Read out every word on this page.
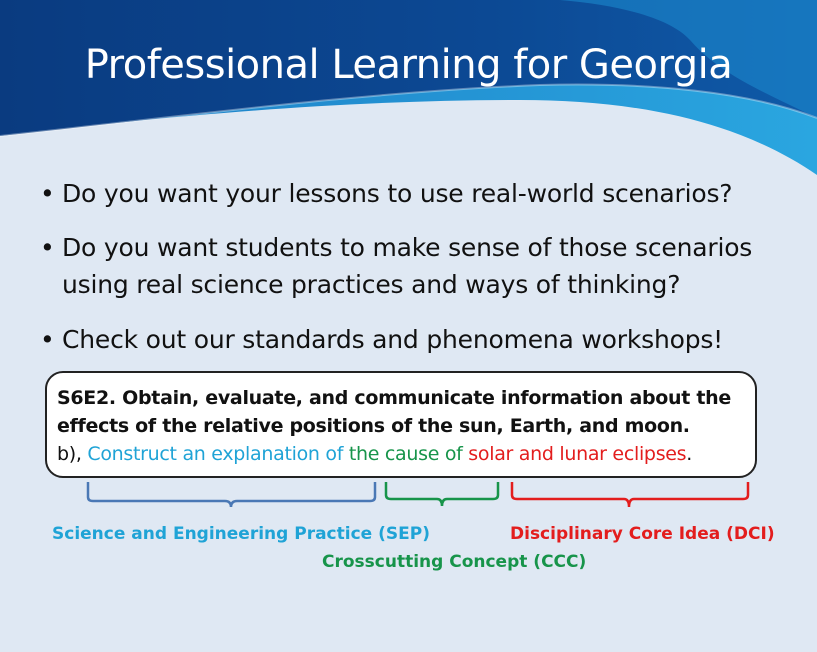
Professional Learning for Georgia
• Do you want your lessons to use real-world scenarios?
• Do you want students to make sense of those scenarios using real science practices and ways of thinking?
• Check out our standards and phenomena workshops!
S6E2. Obtain, evaluate, and communicate information about the effects of the relative positions of the sun, Earth, and moon.
b), Construct an explanation of the cause of solar and lunar eclipses.
Science and Engineering Practice (SEP)
Crosscutting Concept (CCC)
Disciplinary Core Idea (DCI)
